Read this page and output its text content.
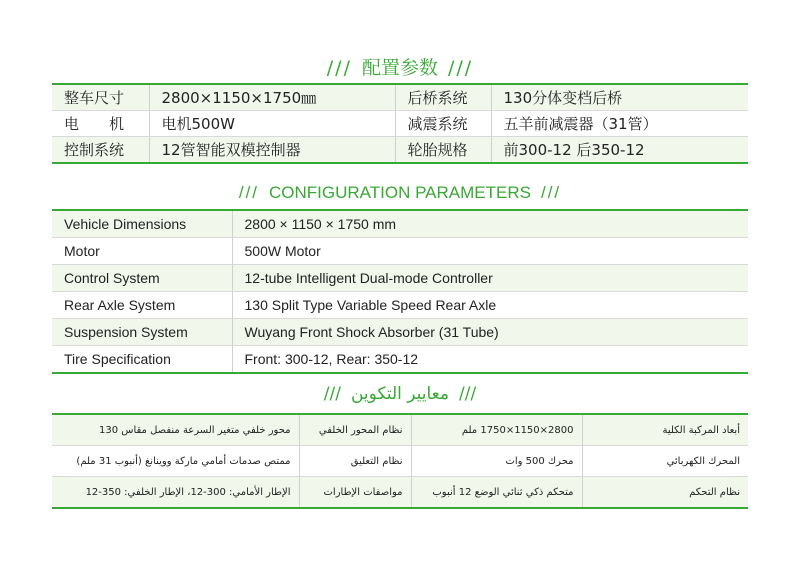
/// 配置参数 ///
整车尺寸	2800×1150×1750㎜	后桥系统	130分体变档后桥
电　　机	电机500W	减震系统	五羊前减震器（31管）
控制系统	12管智能双模控制器	轮胎规格	前300-12 后350-12
/// CONFIGURATION PARAMETERS ///
Vehicle Dimensions	2800 × 1150 × 1750 mm
Motor	500W Motor
Control System	12-tube Intelligent Dual-mode Controller
Rear Axle System	130 Split Type Variable Speed Rear Axle
Suspension System	Wuyang Front Shock Absorber (31 Tube)
Tire Specification	Front: 300-12, Rear: 350-12
/// معايير التكوين ///
محور خلفي متغير السرعة منفصل مقاس 130	نظام المحور الخلفي	2800×1150×1750 ملم	أبعاد المركبة الكلية
ممتص صدمات أمامي ماركة ووينانغ (أنبوب 31 ملم)	نظام التعليق	محرك 500 وات	المحرك الكهربائي
الإطار الأمامي: 300-12، الإطار الخلفي: 350-12	مواصفات الإطارات	متحكم ذكي ثنائي الوضع 12 أنبوب	نظام التحكم
